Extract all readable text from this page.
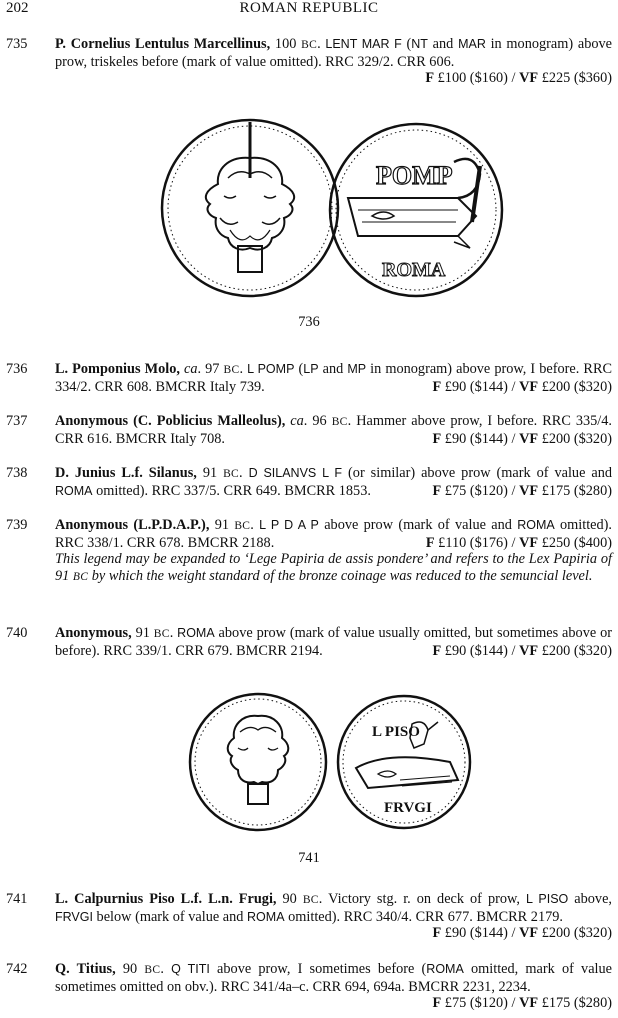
202	ROMAN REPUBLIC
735	P. Cornelius Lentulus Marcellinus, 100 BC. LENT MAR F (NT and MAR in monogram) above prow, triskeles before (mark of value omitted). RRC 329/2. CRR 606.
F £100 ($160) / VF £225 ($360)
POMP
ROMA
736
736	L. Pomponius Molo, ca. 97 BC. L POMP (LP and MP in monogram) above prow, I before. RRC 334/2. CRR 608. BMCRR Italy 739.	F £90 ($144) / VF £200 ($320)
737	Anonymous (C. Poblicius Malleolus), ca. 96 BC. Hammer above prow, I before. RRC 335/4. CRR 616. BMCRR Italy 708.	F £90 ($144) / VF £200 ($320)
738	D. Junius L.f. Silanus, 91 BC. D SILANVS L F (or similar) above prow (mark of value and ROMA omitted). RRC 337/5. CRR 649. BMCRR 1853.	F £75 ($120) / VF £175 ($280)
739	Anonymous (L.P.D.A.P.), 91 BC. L P D A P above prow (mark of value and ROMA omitted). RRC 338/1. CRR 678. BMCRR 2188.	F £110 ($176) / VF £250 ($400)
This legend may be expanded to ‘Lege Papiria de assis pondere’ and refers to the Lex Papiria of 91 BC by which the weight standard of the bronze coinage was reduced to the semuncial level.
740	Anonymous, 91 BC. ROMA above prow (mark of value usually omitted, but sometimes above or before). RRC 339/1. CRR 679. BMCRR 2194.	F £90 ($144) / VF £200 ($320)
L PISO
FRVGI
741
741	L. Calpurnius Piso L.f. L.n. Frugi, 90 BC. Victory stg. r. on deck of prow, L PISO above, FRVGI below (mark of value and ROMA omitted). RRC 340/4. CRR 677. BMCRR 2179.
F £90 ($144) / VF £200 ($320)
742	Q. Titius, 90 BC. Q TITI above prow, I sometimes before (ROMA omitted, mark of value sometimes omitted on obv.). RRC 341/4a–c. CRR 694, 694a. BMCRR 2231, 2234.
F £75 ($120) / VF £175 ($280)
